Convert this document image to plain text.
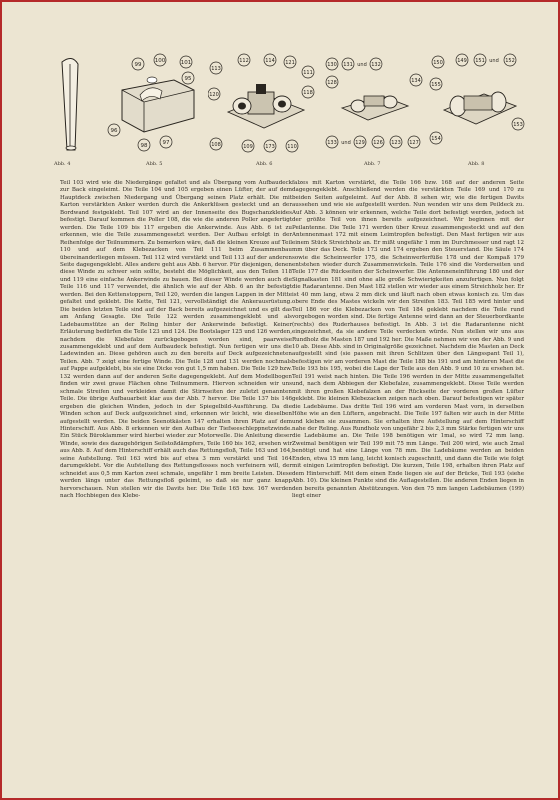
Abb. 4
99
100	101
95
96
98	97
Abb. 5
113
112	114 121
111
118
120
108	109 173 110
Abb. 6
130 131 und 132
128	134
133 und 129 126 123 127
Abb. 7
150	149 151 und 152
155
154
153
Abb. 8

Teil 103 wird wie die Niedergänge gefaltet und als Übergang vom Aufbaudeck zur Back eingeleimt. Die Teile 104 und 105 ergeben einen Lüfter, der auf dem Hauptdeck zwischen Niedergang und Übergang seinen Platz erhält. Die mit Karton verstärkten Anker werden durch die Ankerklüsen gesteckt und an der Bordwand festgeklebt. Teil 107 wird an der Innenseite des Bugschanzkleides befestigt. Darauf kommen die Poller 108, die wie die anderen Poller angefertigt werden. Die Teile 109 bis 117 ergeben die Ankerwinde. Aus Abb. 6 ist zu erkennen, wie die Teile zusammengesetzt werden. Der Aufbau erfolgt in der Reihenfolge der Teilnummern. Zu bemerken wäre, daß die kleinen Kreuze auf Teil 110 und auf dem Klebezacken von Teil 111 beim Zusammenbau übereinanderliegen müssen. Teil 112 wird verstärkt und Teil 113 auf der anderen Seite dagegengeklebt. Alles andere geht aus Abb. 6 hervor. Für diejenigen, denen diese Winde zu schwer sein sollte, besteht die Möglichkeit, aus den Teilen 118 und 119 eine einfache Ankerwinde zu bauen. Bei dieser Winde werden auch die Teile 116 und 117 verwendet, die ähnlich wie auf der Abb. 6 an ihr befestigt werden. Bei den Kettenstoppern, Teil 120, werden die langen Lappen in der Mitte gefaltet und geklebt. Die Kette, Teil 121, vervollständigt die Ankerausrüstung. Die beiden letzten Teile sind auf der Back bereits aufgezeichnet und es gilt das am Anfang Gesagte. Die Teile 122 werden zusammengeklebt und als Ladebaumstütze an der Reling hinter der Ankerwinde befestigt. Keiner Erläuterung bedürfen die Teile 123 und 124. Die Bootslager 125 und 126 werden, nachdem die Klebefalze zurückgebogen worden sind, paarweise zusammengeklebt und auf dem Aufbaudeck befestigt. Nun fertigen wir uns die Ladewinden an. Diese gehören auch zu den bereits auf Deck aufgezeichneten Teilen. Abb. 7 zeigt eine fertige Winde. Die Teile 128 und 131 werden nochmals auf Pappe aufgeklebt, bis sie eine Dicke von gut 1,5 mm haben. Die Teile 129 bzw. 132 werden dann auf der anderen Seite dagegengeklebt. Auf dem Modellbogen finden wir zwei graue Flächen ohne Teilnummern. Hiervon schneiden wir uns schmale Streifen und verkleiden damit die Stirnseiten der zuletzt genannten Teile. Die übrige Aufbauarbeit klar aus der Abb. 7 hervor. Die Teile 137 bis 146 ergeben die gleichen Winden, jedoch in der Spiegelbild-Ausführung. Da die Winden schon auf Deck aufgezeichnet sind, erkennen wir leicht, wie dieselben aufgestellt werden. Die beiden Seenotkästen 147 erhalten ihren Platz auf dem Hinterschiff. Aus Abb. 8 erkennen wir den Aufbau der Tiefseeschleppnetzwinde. Ein Stück Büroklammer wird hierbei wieder zur Motorwelle. Die Anleitung dieser Winde, sowie des dazugehörigen Seilstoßdämpfers, Teile 160 bis 162, ersehen wir aus Abb. 8. Auf dem Hinterschiff erhält auch das Rettungsfloß, Teile 163 und 164, seine Aufstellung. Teil 163 wird bis auf etwa 3 mm verstärkt und Teil 164 darumgeklebt. Vor die Aufstellung des Rettungsflosses noch verfeinern will, der schneidet aus 0,5 mm Karton zwei schmale, ungefähr 1 mm breite Leisten. Diese werden längs unter das Rettungsfloß geleimt, so daß sie nur ganz knapp hervorschauen. Nun stellen wir die Davits her. Die Teile 165 bzw. 167 werden nach Hochbiegen des Klebe-

falzes mit Karton verstärkt, die Teile 166 bzw. 168 auf der anderen Seite dagegengeklebt. Anschließend werden die verstärkten Teile 169 und 170 zu beiden Seiten aufgeleimt. Auf der Abb. 8 sehen wir, wie die fertigen Davits aussehen und wie sie aufgestellt werden. Nun wenden wir uns dem Peildeck zu. Auf Abb. 3 können wir erkennen, welche Teile dort befestigt werden, jedoch ist der größte Teil von ihnen bereits aufgezeichnet. Wir beginnen mit der Peilantenne. Die Teile 171 werden über Kreuz zusammengesteckt und auf den Antennenmast 172 mit einem Leimtropfen befestigt. Den Mast fertigen wir aus einem Stück Streichholz an. Er mißt ungefähr 1 mm im Durchmesser und ragt 12 mm über das Deck. Teile 173 und 174 ergeben den Steuerstand. Die Säule 174 sowie die Scheinwerfer 175, die Scheinwerferfüße 178 und der Kompaß 179 entstehen wieder durch Zusammenwickeln. Teile 176 sind die Vorderseiten und Teile 177 die Rückseiten der Scheinwerfer. Die Antenneneinführung 180 und der Signalkasten 181 sind ohne alle große Schwierigkeiten anzufertigen. Nun folgt die Radarantenne. Den Mast 182 stellen wir wieder aus einem Streichholz her. Er ist 40 mm lang, etwa 2 mm dick und läuft nach oben etwas konisch zu. Um das obere Ende des Mastes wickeln wir den Streifen 183. Teil 185 wird hinter und Teil 186 vor die Klebezacken von Teil 184 geklebt nachdem die Teile rund vorgebogen worden sind. Die fertige Antenne wird dann an der Steuerbordkante (rechts) des Ruderhauses befestigt. In Abb. 3 ist die Radarantenne nicht eingezeichnet, da sie andere Teile verdecken würde. Nun stellen wir uns aus Rundholz die Masten 187 und 192 her. Die Maße nehmen wir von der Abb. 9 und 10 ab. Diese Abb. sind in Originalgröße gezeichnet. Nachdem die Masten an Deck aufgestellt sind (sie passen mit ihren Schlitzen über den Längsspant Teil 1), befestigen wir am vorderen Mast die Teile 188 bis 191 und am hinteren Mast die Teile 193 bis 195, wobei die Lage der Teile aus den Abb. 9 und 10 zu ersehen ist. Teil 191 weist nach hinten. Die Teile 196 werden in der Mitte zusammengefaltet und, nach dem Abbiegen der Klebefalze, zusammengeklebt. Diese Teile werden mit ihren großen Klebefalzen an der Rückseite der vorderen großen Lüfter geklebt. Die kleinen Klebezacken zeigen nach oben. Darauf befestigen wir später die Ladebäume. Das dritte Teil 196 wird am vorderen Mast vorn, in derselben Höhe wie an den Lüftern, angebracht. Die Teile 197 falten wir auch in der Mitte und kleben sie zusammen. Sie erhalten ihre Aufstellung auf dem Hinterschiff nahe der Reling. Aus Rundholz von ungefähr 2 bis 2,3 mm Stärke fertigen wir uns die Ladebäume an. Die Teile 198 benötigen wir 1mal, so wird 72 mm lang. Zweimal benötigen wir Teil 199 mit 75 mm Länge. Teil 200 wird, wie auch 2mal benötigt und hat eine Länge von 78 mm. Die Ladebäume werden an beiden Enden, etwa 15 mm lang, leicht konisch zugeschnitt, und dann die Teile wie folgt mit einigen Leimtropfen befestigt. Die kurzen, Teile 198, erhalten ihren Platz auf dem Hinterschiff. Mit dem einen Ende liegen sie auf der Brücke, Teil 193 (siehe Abb. 10). Die kleinen Punkte sind die Auflagestellen. Die anderen Enden liegen in den bereits genannten Abstützungen. Von den 75 mm langen Ladebäumen (199) liegt einer
